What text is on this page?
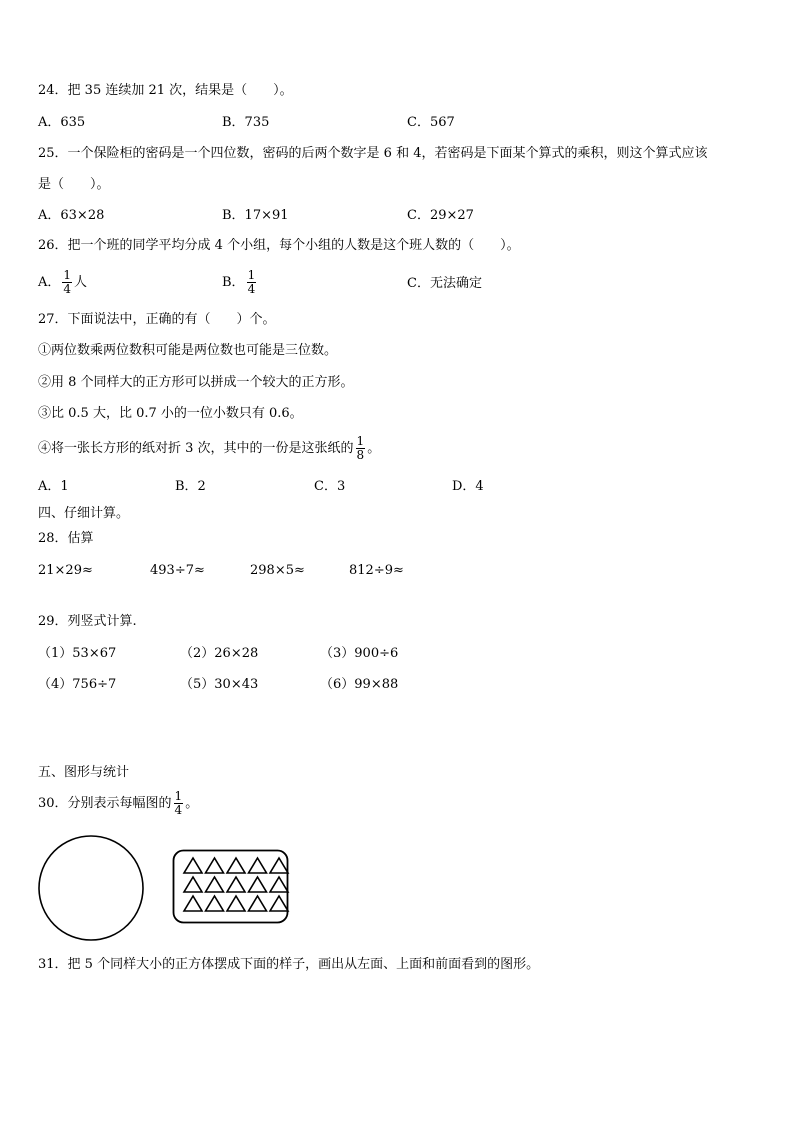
24．把 35 连续加 21 次，结果是（　　）。
A．635	B．735	C．567
25．一个保险柜的密码是一个四位数，密码的后两个数字是 6 和 4，若密码是下面某个算式的乘积，则这个算式应该
是（　　）。
A．63×28	B．17×91	C．29×27
26．把一个班的同学平均分成 4 个小组，每个小组的人数是这个班人数的（　　）。
A． $\frac{1}{4}$ 人	B． $\frac{1}{4}$	C．无法确定
27．下面说法中，正确的有（　　）个。
①两位数乘两位数积可能是两位数也可能是三位数。
②用 8 个同样大的正方形可以拼成一个较大的正方形。
③比 0.5 大，比 0.7 小的一位小数只有 0.6。
④将一张长方形的纸对折 3 次，其中的一份是这张纸的 $\frac{1}{8}$ 。
A．1	B．2	C．3	D．4
四、仔细计算。
28．估算
21×29≈	493÷7≈	298×5≈	812÷9≈
29．列竖式计算.
（1）53×67	（2）26×28	（3）900÷6
（4）756÷7	（5）30×43	（6）99×88
五、图形与统计
30．分别表示每幅图的 $\frac{1}{4}$ 。
31．把 5 个同样大小的正方体摆成下面的样子，画出从左面、上面和前面看到的图形。
